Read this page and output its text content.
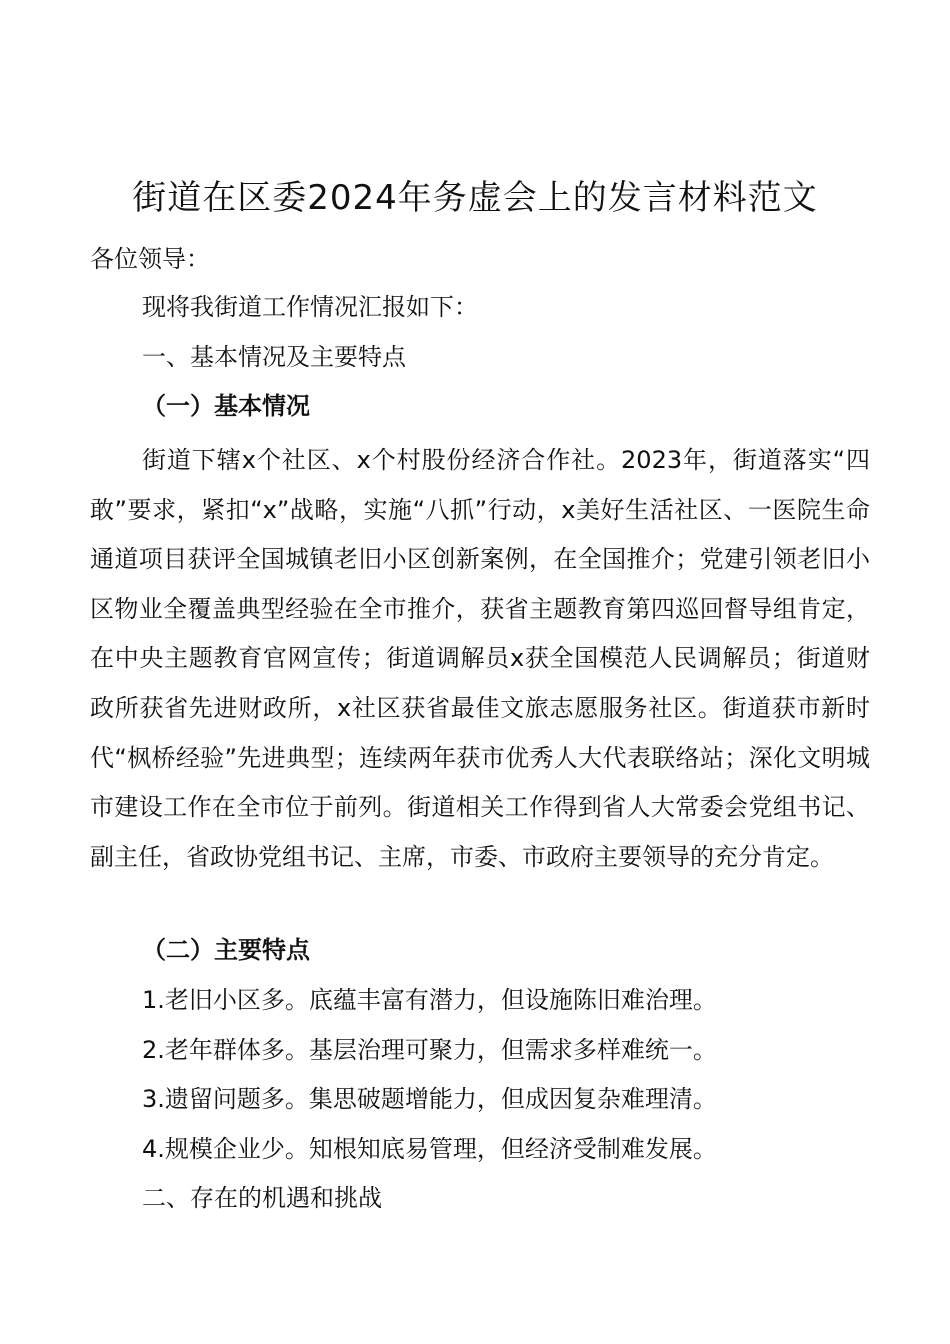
街道在区委2024年务虚会上的发言材料范文
各位领导：
现将我街道工作情况汇报如下：
一、基本情况及主要特点
（一）基本情况

街道下辖x个社区、x个村股份经济合作社。2023年，街道落实“四敢”要求，紧扣“x”战略，实施“八抓”行动，x美好生活社区、一医院生命通道项目获评全国城镇老旧小区创新案例，在全国推介；党建引领老旧小区物业全覆盖典型经验在全市推介，获省主题教育第四巡回督导组肯定，在中央主题教育官网宣传；街道调解员x获全国模范人民调解员；街道财政所获省先进财政所，x社区获省最佳文旅志愿服务社区。街道获市新时代“枫桥经验”先进典型；连续两年获市优秀人大代表联络站；深化文明城市建设工作在全市位于前列。街道相关工作得到省人大常委会党组书记、副主任，省政协党组书记、主席，市委、市政府主要领导的充分肯定。

（二）主要特点
1.老旧小区多。底蕴丰富有潜力，但设施陈旧难治理。
2.老年群体多。基层治理可聚力，但需求多样难统一。
3.遗留问题多。集思破题增能力，但成因复杂难理清。
4.规模企业少。知根知底易管理，但经济受制难发展。
二、存在的机遇和挑战
